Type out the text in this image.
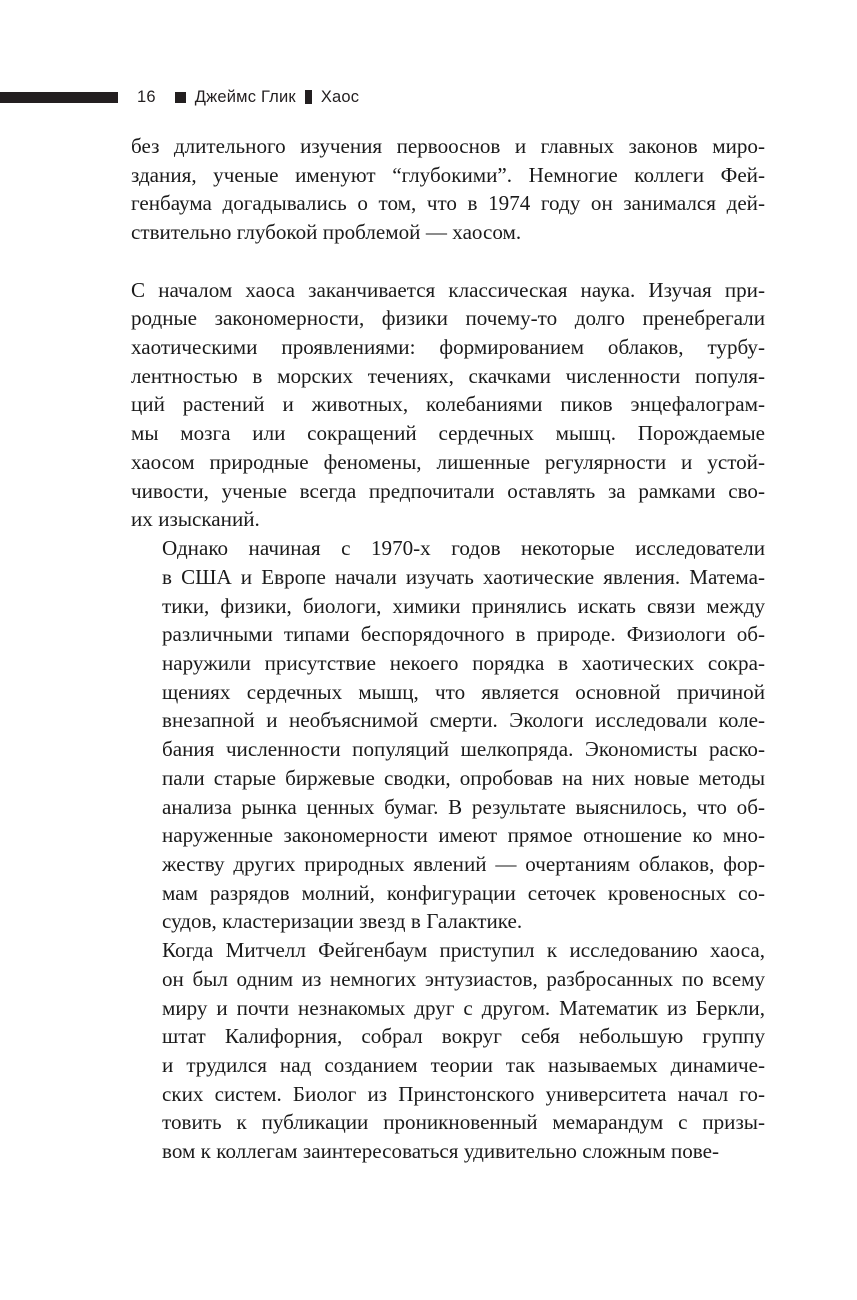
16 Джеймс Глик Хаос

без длительного изучения первооснов и главных законов миро-
здания, ученые именуют “глубокими”. Немногие коллеги Фей-
генбаума догадывались о том, что в 1974 году он занимался дей-
ствительно глубокой проблемой — хаосом.

С началом хаоса заканчивается классическая наука. Изучая при-
родные закономерности, физики почему-то долго пренебрегали
хаотическими проявлениями: формированием облаков, турбу-
лентностью в морских течениях, скачками численности популя-
ций растений и животных, колебаниями пиков энцефалограм-
мы мозга или сокращений сердечных мышц. Порождаемые
хаосом природные феномены, лишенные регулярности и устой-
чивости, ученые всегда предпочитали оставлять за рамками сво-
их изысканий.

Однако начиная с 1970-х годов некоторые исследователи
в США и Европе начали изучать хаотические явления. Матема-
тики, физики, биологи, химики принялись искать связи между
различными типами беспорядочного в природе. Физиологи об-
наружили присутствие некоего порядка в хаотических сокра-
щениях сердечных мышц, что является основной причиной
внезапной и необъяснимой смерти. Экологи исследовали коле-
бания численности популяций шелкопряда. Экономисты раско-
пали старые биржевые сводки, опробовав на них новые методы
анализа рынка ценных бумаг. В результате выяснилось, что об-
наруженные закономерности имеют прямое отношение ко мно-
жеству других природных явлений — очертаниям облаков, фор-
мам разрядов молний, конфигурации сеточек кровеносных со-
судов, кластеризации звезд в Галактике.

Когда Митчелл Фейгенбаум приступил к исследованию хаоса,
он был одним из немногих энтузиастов, разбросанных по всему
миру и почти незнакомых друг с другом. Математик из Беркли,
штат Калифорния, собрал вокруг себя небольшую группу
и трудился над созданием теории так называемых динамиче-
ских систем. Биолог из Принстонского университета начал го-
товить к публикации проникновенный мемарандум с призы-
вом к коллегам заинтересоваться удивительно сложным пове-
